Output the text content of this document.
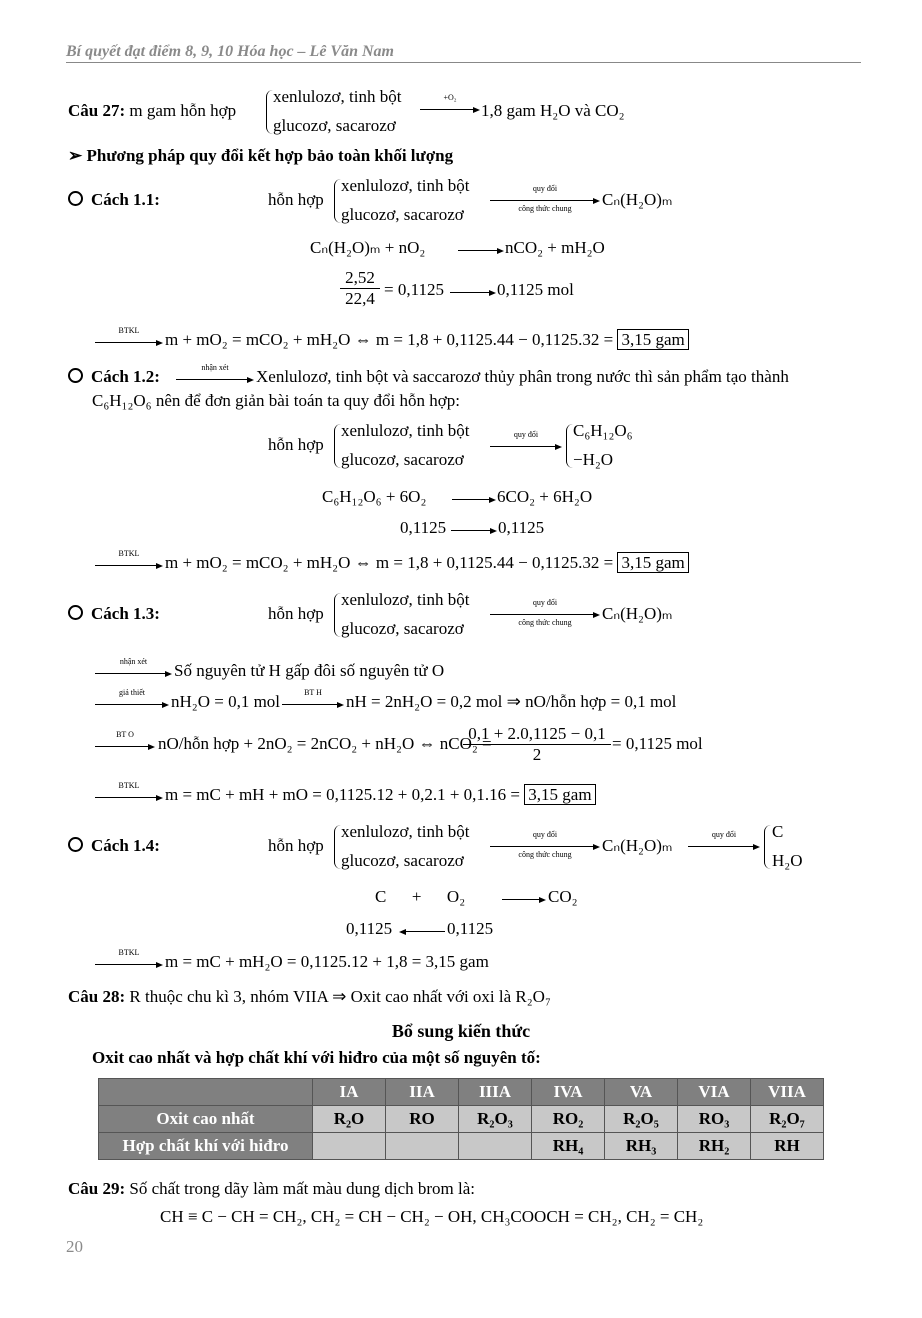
Bí quyết đạt điểm 8, 9, 10 Hóa học – Lê Văn Nam
Câu 27: m gam hỗn hợp
xenlulozơ, tinh bột
glucozơ, sacarozơ
+O₂
1,8 gam H₂O và CO₂
➢ Phương pháp quy đổi kết hợp bảo toàn khối lượng
Cách 1.1:	hỗn hợp
xenlulozơ, tinh bột
glucozơ, sacarozơ
quy đổi
công thức chung	Cₙ(H₂O)ₘ
Cₙ(H₂O)ₘ + nO₂	nCO₂ + mH₂O
$\frac{2,52}{22,4} = 0,1125$	0,1125 mol
BTKL	m + mO₂ = mCO₂ + mH₂O ⇔ m = 1,8 + 0,1125.44 − 0,1125.32 = 3,15 gam
Cách 1.2:	nhận xét	Xenlulozơ, tinh bột và saccarozơ thủy phân trong nước thì sản phẩm tạo thành
C₆H₁₂O₆ nên để đơn giản bài toán ta quy đổi hỗn hợp:
hỗn hợp
xenlulozơ, tinh bột
glucozơ, sacarozơ
quy đổi	C₆H₁₂O₆
−H₂O
C₆H₁₂O₆ + 6O₂	6CO₂ + 6H₂O
0,1125	0,1125
BTKL	m + mO₂ = mCO₂ + mH₂O ⇔ m = 1,8 + 0,1125.44 − 0,1125.32 = 3,15 gam
Cách 1.3:	hỗn hợp
xenlulozơ, tinh bột
glucozơ, sacarozơ
quy đổi
công thức chung	Cₙ(H₂O)ₘ
nhận xét	Số nguyên tử H gấp đôi số nguyên tử O
giả thiết	nH₂O = 0,1 mol	BT H	nH = 2nH₂O = 0,2 mol ⇒ nO/hỗn hợp = 0,1 mol
BT O	nO/hỗn hợp + 2nO₂ = 2nCO₂ + nH₂O ⇔ nCO₂ =
$\frac{0,1 + 2.0,1125 - 0,1}{2} = 0,1125$ mol
BTKL	m = mC + mH + mO = 0,1125.12 + 0,2.1 + 0,1.16 = 3,15 gam
Cách 1.4:	hỗn hợp
xenlulozơ, tinh bột
glucozơ, sacarozơ
quy đổi
công thức chung	Cₙ(H₂O)ₘ
quy đổi	C
H₂O
C      +      O₂	CO₂
0,1125	0,1125
BTKL	m = mC + mH₂O = 0,1125.12 + 1,8 = 3,15 gam
Câu 28: R thuộc chu kì 3, nhóm VIIA ⇒ Oxit cao nhất với oxi là R₂O₇
Bổ sung kiến thức
Oxit cao nhất và hợp chất khí với hiđro của một số nguyên tố:
	IA	IIA	IIIA	IVA	VA	VIA	VIIA
Oxit cao nhất	R₂O	RO	R₂O₃	RO₂	R₂O₅	RO₃	R₂O₇
Hợp chất khí với hiđro				RH₄	RH₃	RH₂	RH
Câu 29: Số chất trong dãy làm mất màu dung dịch brom là:
CH ≡ C − CH = CH₂, CH₂ = CH − CH₂ − OH, CH₃COOCH = CH₂, CH₂ = CH₂
20
